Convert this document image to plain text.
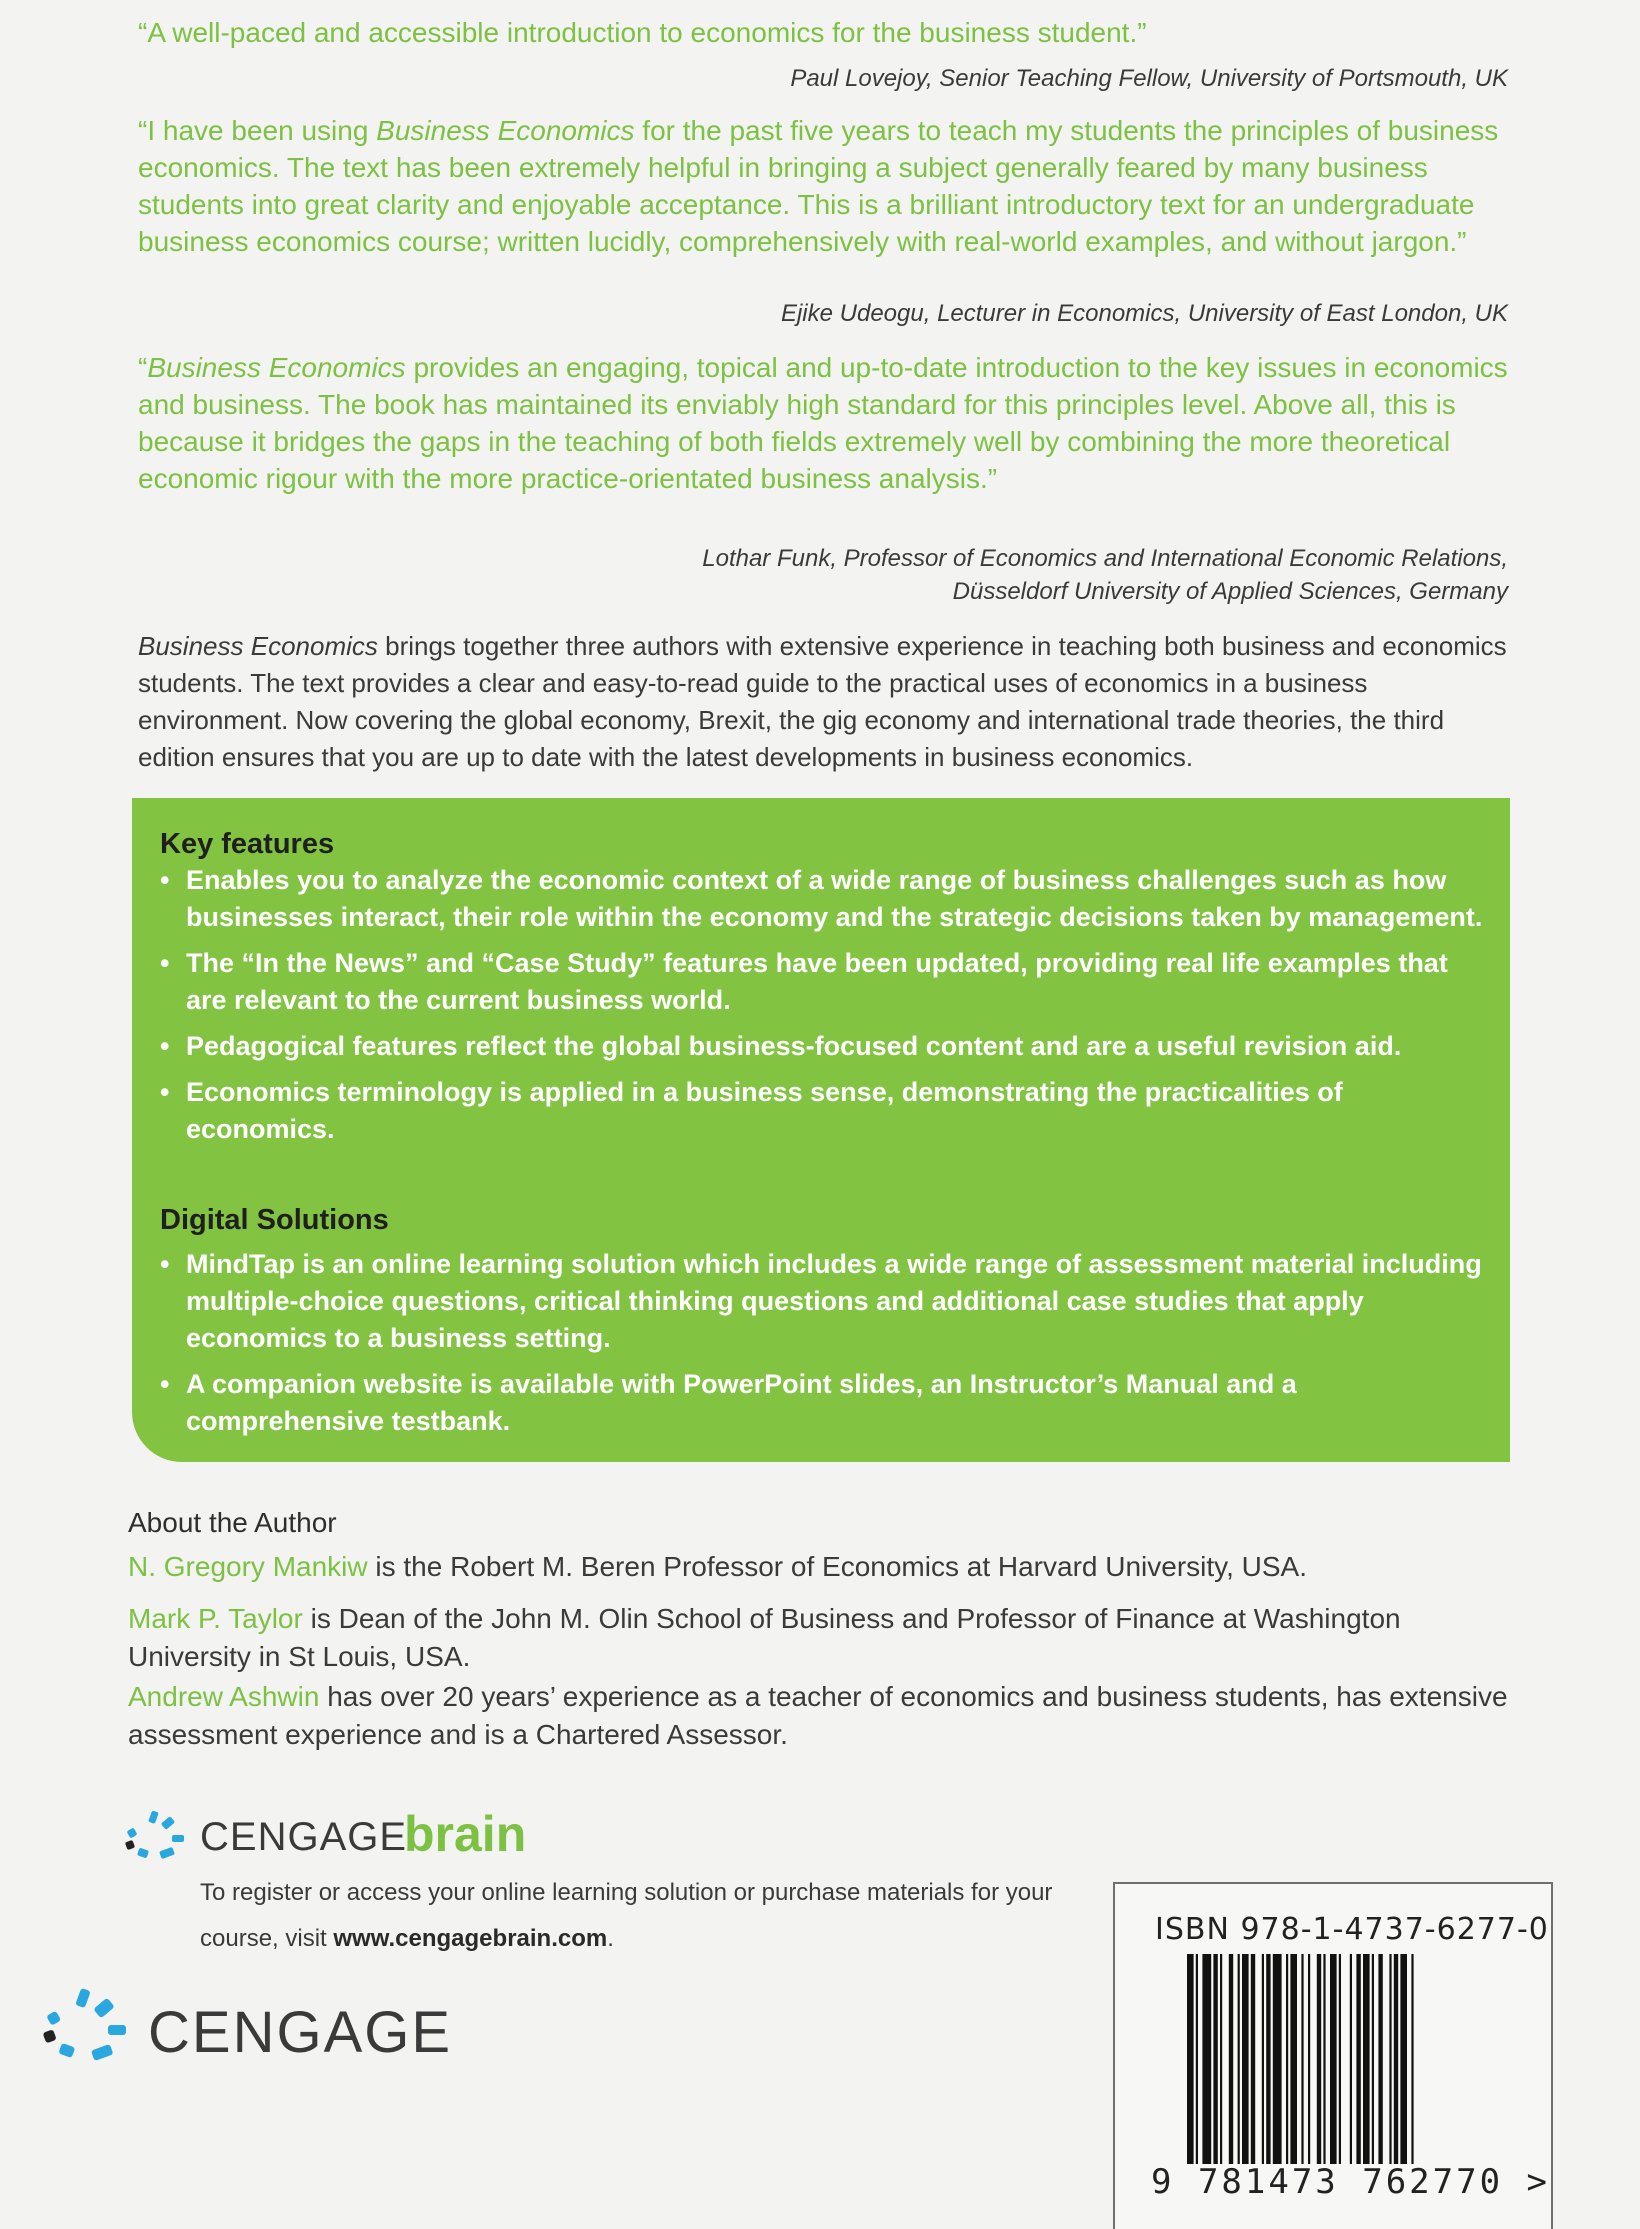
“A well-paced and accessible introduction to economics for the business student.”
Paul Lovejoy, Senior Teaching Fellow, University of Portsmouth, UK
“I have been using Business Economics for the past five years to teach my students the principles of business economics. The text has been extremely helpful in bringing a subject generally feared by many business students into great clarity and enjoyable acceptance. This is a brilliant introductory text for an undergraduate business economics course; written lucidly, comprehensively with real-world examples, and without jargon.”
Ejike Udeogu, Lecturer in Economics, University of East London, UK
“Business Economics provides an engaging, topical and up-to-date introduction to the key issues in economics and business. The book has maintained its enviably high standard for this principles level. Above all, this is because it bridges the gaps in the teaching of both fields extremely well by combining the more theoretical economic rigour with the more practice-orientated business analysis.”
Lothar Funk, Professor of Economics and International Economic Relations,
Düsseldorf University of Applied Sciences, Germany
Business Economics brings together three authors with extensive experience in teaching both business and economics students. The text provides a clear and easy-to-read guide to the practical uses of economics in a business environment. Now covering the global economy, Brexit, the gig economy and international trade theories, the third edition ensures that you are up to date with the latest developments in business economics.
Key features
• Enables you to analyze the economic context of a wide range of business challenges such as how businesses interact, their role within the economy and the strategic decisions taken by management.
• The “In the News” and “Case Study” features have been updated, providing real life examples that are relevant to the current business world.
• Pedagogical features reflect the global business-focused content and are a useful revision aid.
• Economics terminology is applied in a business sense, demonstrating the practicalities of economics.
Digital Solutions
• MindTap is an online learning solution which includes a wide range of assessment material including multiple-choice questions, critical thinking questions and additional case studies that apply economics to a business setting.
• A companion website is available with PowerPoint slides, an Instructor’s Manual and a comprehensive testbank.
About the Author
N. Gregory Mankiw is the Robert M. Beren Professor of Economics at Harvard University, USA.
Mark P. Taylor is Dean of the John M. Olin School of Business and Professor of Finance at Washington University in St Louis, USA.
Andrew Ashwin has over 20 years’ experience as a teacher of economics and business students, has extensive assessment experience and is a Chartered Assessor.
CENGAGE
brain
To register or access your online learning solution or purchase materials for your course, visit www.cengagebrain.com.
CENGAGE
ISBN 978-1-4737-6277-0
9 781473 762770 >
